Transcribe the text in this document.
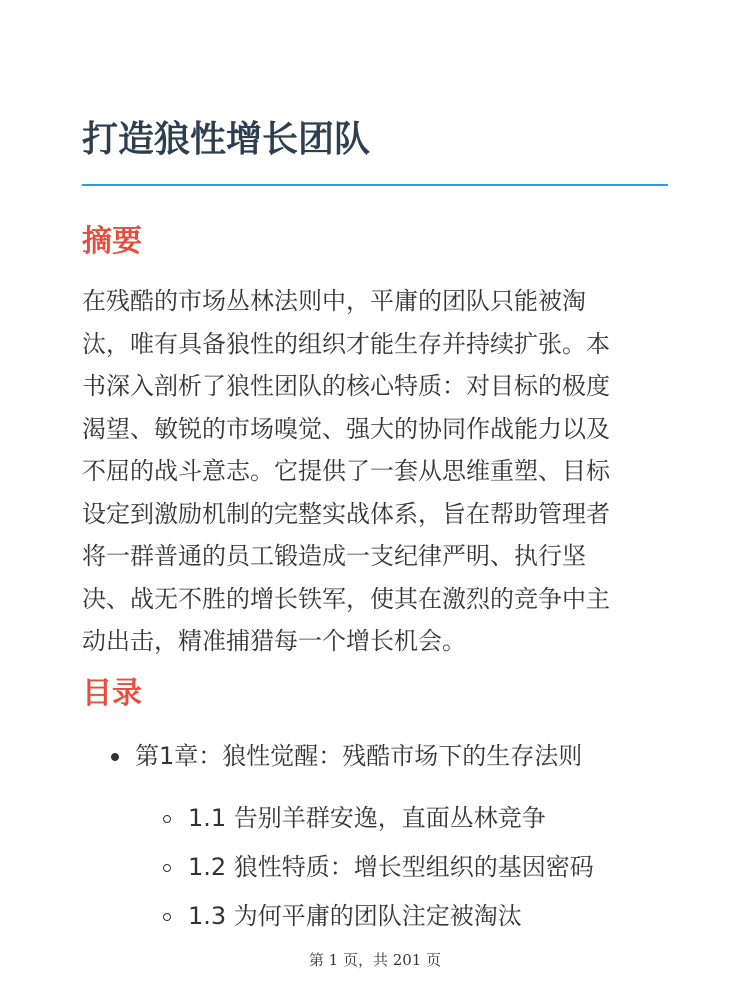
打造狼性增长团队
摘要

在残酷的市场丛林法则中，平庸的团队只能被淘
汰，唯有具备狼性的组织才能生存并持续扩张。本
书深入剖析了狼性团队的核心特质：对目标的极度
渴望、敏锐的市场嗅觉、强大的协同作战能力以及
不屈的战斗意志。它提供了一套从思维重塑、目标
设定到激励机制的完整实战体系，旨在帮助管理者
将一群普通的员工锻造成一支纪律严明、执行坚
决、战无不胜的增长铁军，使其在激烈的竞争中主
动出击，精准捕猎每一个增长机会。

目录
第1章：狼性觉醒：残酷市场下的生存法则
1.1 告别羊群安逸，直面丛林竞争
1.2 狼性特质：增长型组织的基因密码
1.3 为何平庸的团队注定被淘汰
第 1 页，共 201 页
